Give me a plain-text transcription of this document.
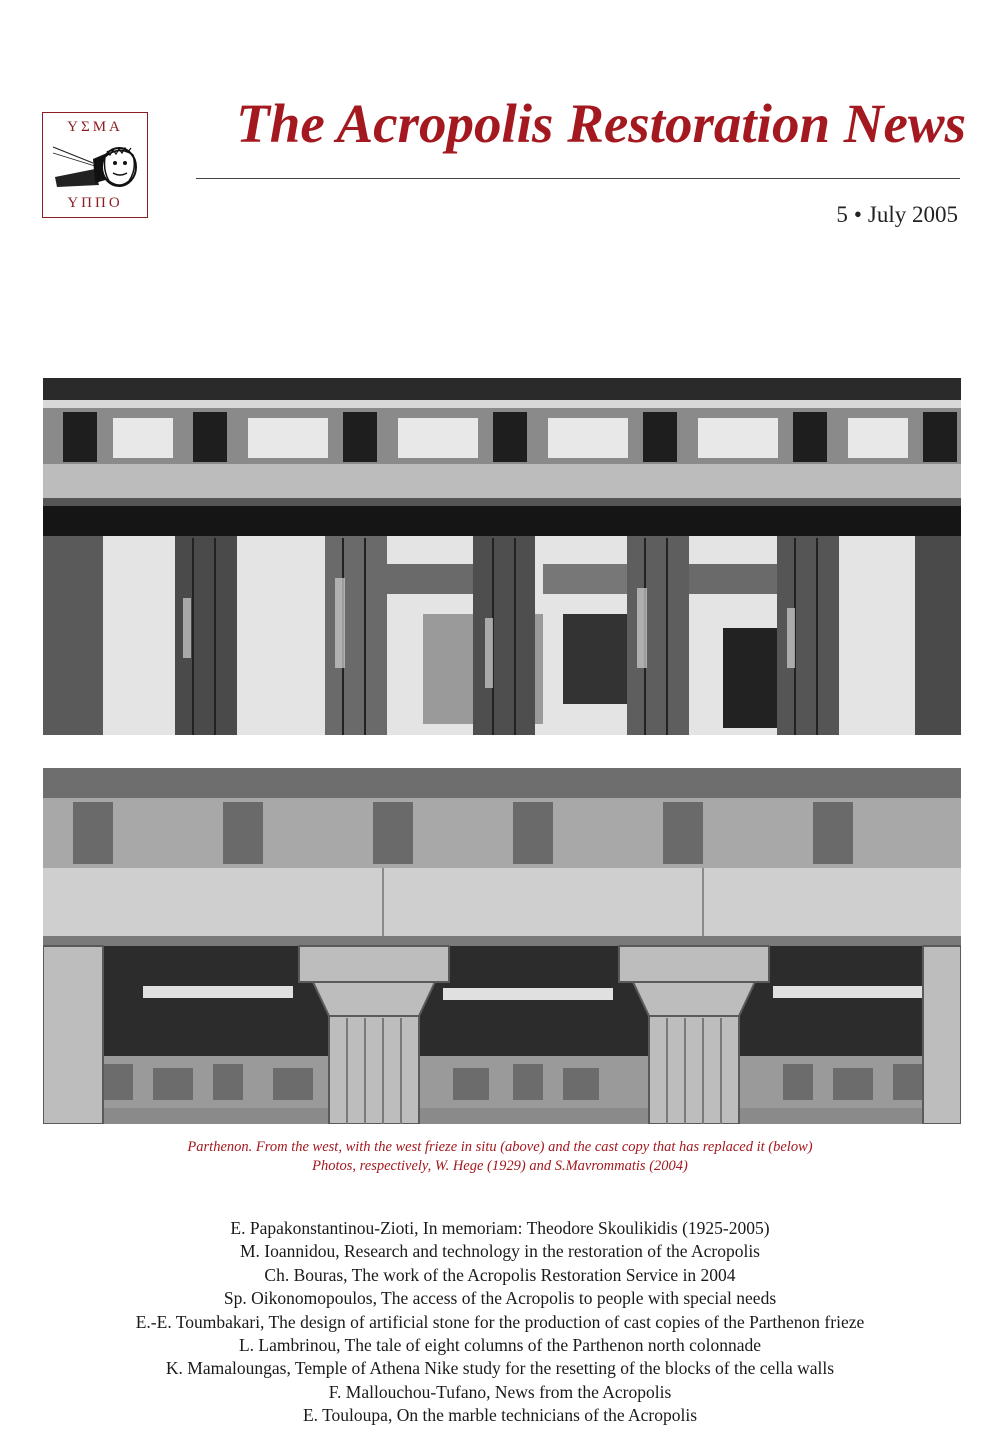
ΥΣΜΑ
ΥΠΠΟ
The Acropolis Restoration News
5 • July 2005
Parthenon. From the west, with the west frieze in situ (above) and the cast copy that has replaced it (below)
Photos, respectively, W. Hege (1929) and S.Mavrommatis (2004)
E. Papakonstantinou-Zioti, In memoriam: Theodore Skoulikidis (1925-2005)
M. Ioannidou, Research and technology in the restoration of the Acropolis
Ch. Bouras, The work of the Acropolis Restoration Service in 2004
Sp. Oikonomopoulos, The access of the Acropolis to people with special needs
E.-E. Toumbakari, The design of artificial stone for the production of cast copies of the Parthenon frieze
L. Lambrinou, The tale of eight columns of the Parthenon north colonnade
K. Mamaloungas, Temple of Athena Nike study for the resetting of the blocks of the cella walls
F. Mallouchou-Tufano, News from the Acropolis
E. Touloupa, On the marble technicians of the Acropolis
